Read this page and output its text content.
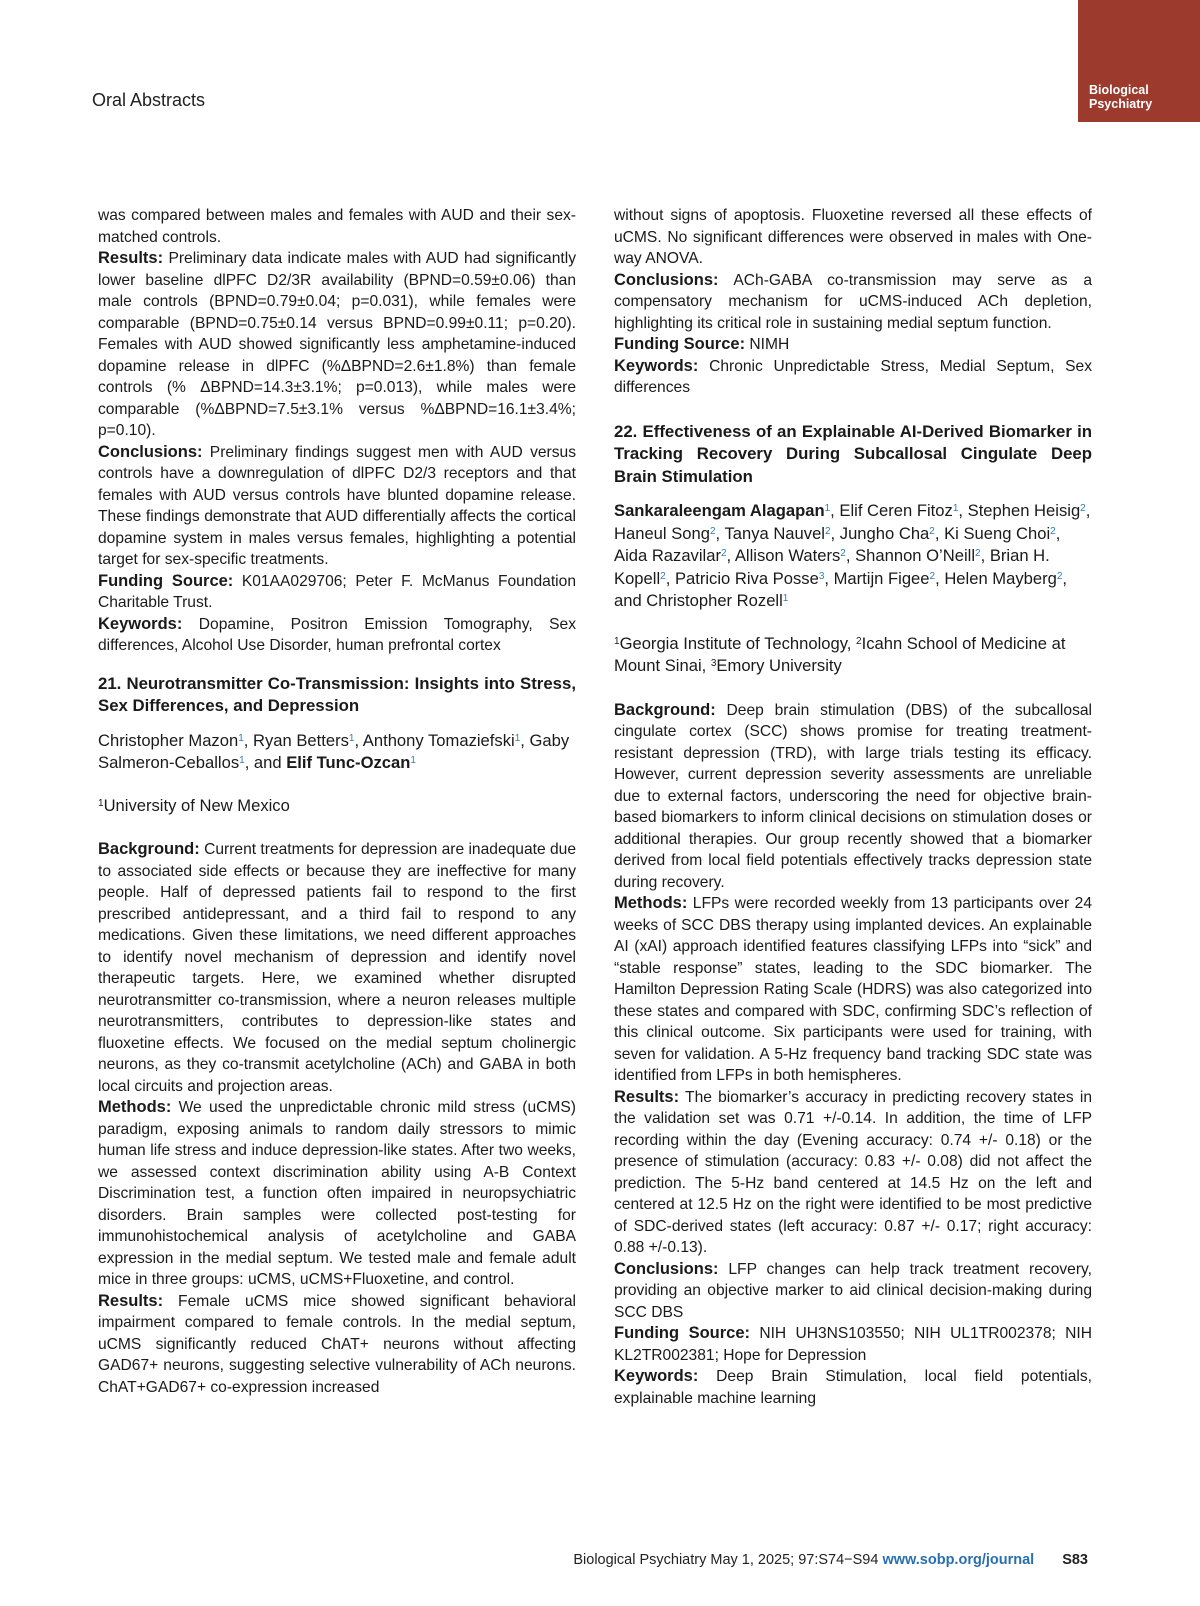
Oral Abstracts	Biological
Psychiatry

was compared between males and females with AUD and their sex-matched controls.

Results: Preliminary data indicate males with AUD had significantly lower baseline dlPFC D2/3R availability (BPND=0.59±0.06) than male controls (BPND=0.79±0.04; p=0.031), while females were comparable (BPND=0.75±0.14 versus BPND=0.99±0.11; p=0.20). Females with AUD showed significantly less amphetamine-induced dopamine release in dlPFC (%ΔBPND=2.6±1.8%) than female controls (% ΔBPND=14.3±3.1%; p=0.013), while males were comparable (%ΔBPND=7.5±3.1% versus %ΔBPND=16.1±3.4%; p=0.10).

Conclusions: Preliminary findings suggest men with AUD versus controls have a downregulation of dlPFC D2/3 receptors and that females with AUD versus controls have blunted dopamine release. These findings demonstrate that AUD differentially affects the cortical dopamine system in males versus females, highlighting a potential target for sex-specific treatments.

Funding Source: K01AA029706; Peter F. McManus Foundation Charitable Trust.

Keywords: Dopamine, Positron Emission Tomography, Sex differences, Alcohol Use Disorder, human prefrontal cortex

21. Neurotransmitter Co-Transmission: Insights into Stress, Sex Differences, and Depression
Christopher Mazon$^1$, Ryan Betters$^1$, Anthony Tomaziefski$^1$, Gaby Salmeron-Ceballos$^1$, and Elif Tunc-Ozcan$^1$
$^1$University of New Mexico

Background: Current treatments for depression are inadequate due to associated side effects or because they are ineffective for many people. Half of depressed patients fail to respond to the first prescribed antidepressant, and a third fail to respond to any medications. Given these limitations, we need different approaches to identify novel mechanism of depression and identify novel therapeutic targets. Here, we examined whether disrupted neurotransmitter co-transmission, where a neuron releases multiple neurotransmitters, contributes to depression-like states and fluoxetine effects. We focused on the medial septum cholinergic neurons, as they co-transmit acetylcholine (ACh) and GABA in both local circuits and projection areas.

Methods: We used the unpredictable chronic mild stress (uCMS) paradigm, exposing animals to random daily stressors to mimic human life stress and induce depression-like states. After two weeks, we assessed context discrimination ability using A-B Context Discrimination test, a function often impaired in neuropsychiatric disorders. Brain samples were collected post-testing for immunohistochemical analysis of acetylcholine and GABA expression in the medial septum. We tested male and female adult mice in three groups: uCMS, uCMS+Fluoxetine, and control.

Results: Female uCMS mice showed significant behavioral impairment compared to female controls. In the medial septum, uCMS significantly reduced ChAT+ neurons without affecting GAD67+ neurons, suggesting selective vulnerability of ACh neurons. ChAT+GAD67+ co-expression increased

without signs of apoptosis. Fluoxetine reversed all these effects of uCMS. No significant differences were observed in males with One-way ANOVA.

Conclusions: ACh-GABA co-transmission may serve as a compensatory mechanism for uCMS-induced ACh depletion, highlighting its critical role in sustaining medial septum function.

Funding Source: NIMH

Keywords: Chronic Unpredictable Stress, Medial Septum, Sex differences

22. Effectiveness of an Explainable AI-Derived Biomarker in Tracking Recovery During Subcallosal Cingulate Deep Brain Stimulation
Sankaraleengam Alagapan$^1$, Elif Ceren Fitoz$^1$, Stephen Heisig$^2$, Haneul Song$^2$, Tanya Nauvel$^2$, Jungho Cha$^2$, Ki Sueng Choi$^2$, Aida Razavilar$^2$, Allison Waters$^2$, Shannon O’Neill$^2$, Brian H. Kopell$^2$, Patricio Riva Posse$^3$, Martijn Figee$^2$, Helen Mayberg$^2$, and Christopher Rozell$^1$
$^1$Georgia Institute of Technology, $^2$Icahn School of Medicine at Mount Sinai, $^3$Emory University

Background: Deep brain stimulation (DBS) of the subcallosal cingulate cortex (SCC) shows promise for treating treatment-resistant depression (TRD), with large trials testing its efficacy. However, current depression severity assessments are unreliable due to external factors, underscoring the need for objective brain-based biomarkers to inform clinical decisions on stimulation doses or additional therapies. Our group recently showed that a biomarker derived from local field potentials effectively tracks depression state during recovery.

Methods: LFPs were recorded weekly from 13 participants over 24 weeks of SCC DBS therapy using implanted devices. An explainable AI (xAI) approach identified features classifying LFPs into “sick” and “stable response” states, leading to the SDC biomarker. The Hamilton Depression Rating Scale (HDRS) was also categorized into these states and compared with SDC, confirming SDC’s reflection of this clinical outcome. Six participants were used for training, with seven for validation. A 5-Hz frequency band tracking SDC state was identified from LFPs in both hemispheres.

Results: The biomarker’s accuracy in predicting recovery states in the validation set was 0.71 +/-0.14. In addition, the time of LFP recording within the day (Evening accuracy: 0.74 +/- 0.18) or the presence of stimulation (accuracy: 0.83 +/- 0.08) did not affect the prediction. The 5-Hz band centered at 14.5 Hz on the left and centered at 12.5 Hz on the right were identified to be most predictive of SDC-derived states (left accuracy: 0.87 +/- 0.17; right accuracy: 0.88 +/-0.13).

Conclusions: LFP changes can help track treatment recovery, providing an objective marker to aid clinical decision-making during SCC DBS

Funding Source: NIH UH3NS103550; NIH UL1TR002378; NIH KL2TR002381; Hope for Depression

Keywords: Deep Brain Stimulation, local field potentials, explainable machine learning

Biological Psychiatry May 1, 2025; 97:S74−S94 www.sobp.org/journal S83
